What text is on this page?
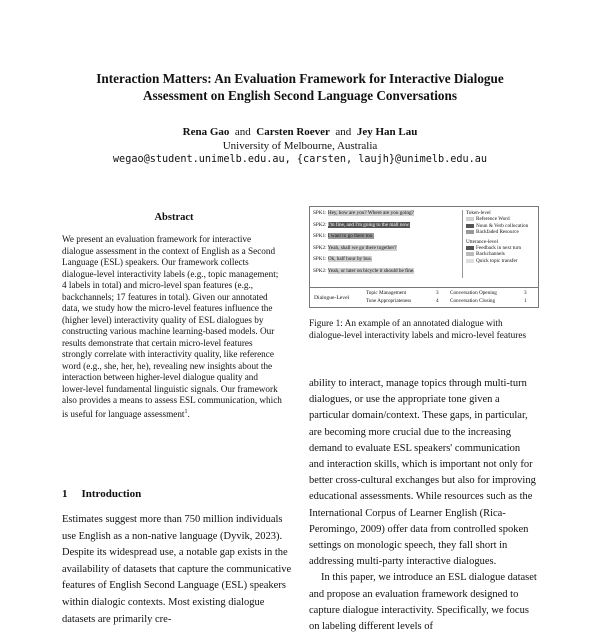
Interaction Matters: An Evaluation Framework for Interactive Dialogue
Assessment on English Second Language Conversations
Rena Gao and Carsten Roever and Jey Han Lau
University of Melbourne, Australia
wegao@student.unimelb.edu.au, {carsten, laujh}@unimelb.edu.au
Abstract

We present an evaluation framework for interactive dialogue assessment in the context of English as a Second Language (ESL) speakers. Our framework collects dialogue-level interactivity labels (e.g., topic management; 4 labels in total) and micro-level span features (e.g., backchannels; 17 features in total). Given our annotated data, we study how the micro-level features influence the (higher level) interactivity quality of ESL dialogues by constructing various machine learning-based models. Our results demonstrate that certain micro-level features strongly correlate with interactivity quality, like reference word (e.g., she, her, he), revealing new insights about the interaction between higher-level dialogue quality and lower-level fundamental linguistic signals. Our framework also provides a means to assess ESL communication, which is useful for language assessment$^1$.

1 Introduction
Estimates suggest more than 750 million individuals use English as a non-native language (Dyvik, 2023). Despite its widespread use, a notable gap exists in the availability of datasets that capture the communicative features of English Second Language (ESL) speakers within dialogic contexts. Most existing dialogue datasets are primarily cre-
SPK1: Hey, how are you? Where are you going?
SPK2: I'm fine, and I'm going to the mall now.
SPK1: I want to go there too.
SPK2: Yeah, shall we go there together?
SPK1: Ok, half hour by bus.
SPK2: Yeah, or later on bicycle it should be fine.
Token-level
Reference Word
Noun & Verb collocation
Backfaded Resource
Utterance-level
Feedback in next turn
Backchannels
Quick topic transfer
Dialogue-Level
Topic Management	3 Conversation Opening	3
Tone Appropriateness	4 Conversation Closing	1
Figure 1: An example of an annotated dialogue with dialogue-level interactivity labels and micro-level features

ability to interact, manage topics through multi-turn dialogues, or use the appropriate tone given a particular domain/context. These gaps, in particular, are becoming more crucial due to the increasing demand to evaluate ESL speakers' communication and interaction skills, which is important not only for better cross-cultural exchanges but also for improving educational assessments. While resources such as the International Corpus of Learner English (Rica-Peromingo, 2009) offer data from controlled spoken settings on monologic speech, they fall short in addressing multi-party interactive dialogues.

In this paper, we introduce an ESL dialogue dataset and propose an evaluation framework designed to capture dialogue interactivity. Specifically, we focus on labeling different levels of
